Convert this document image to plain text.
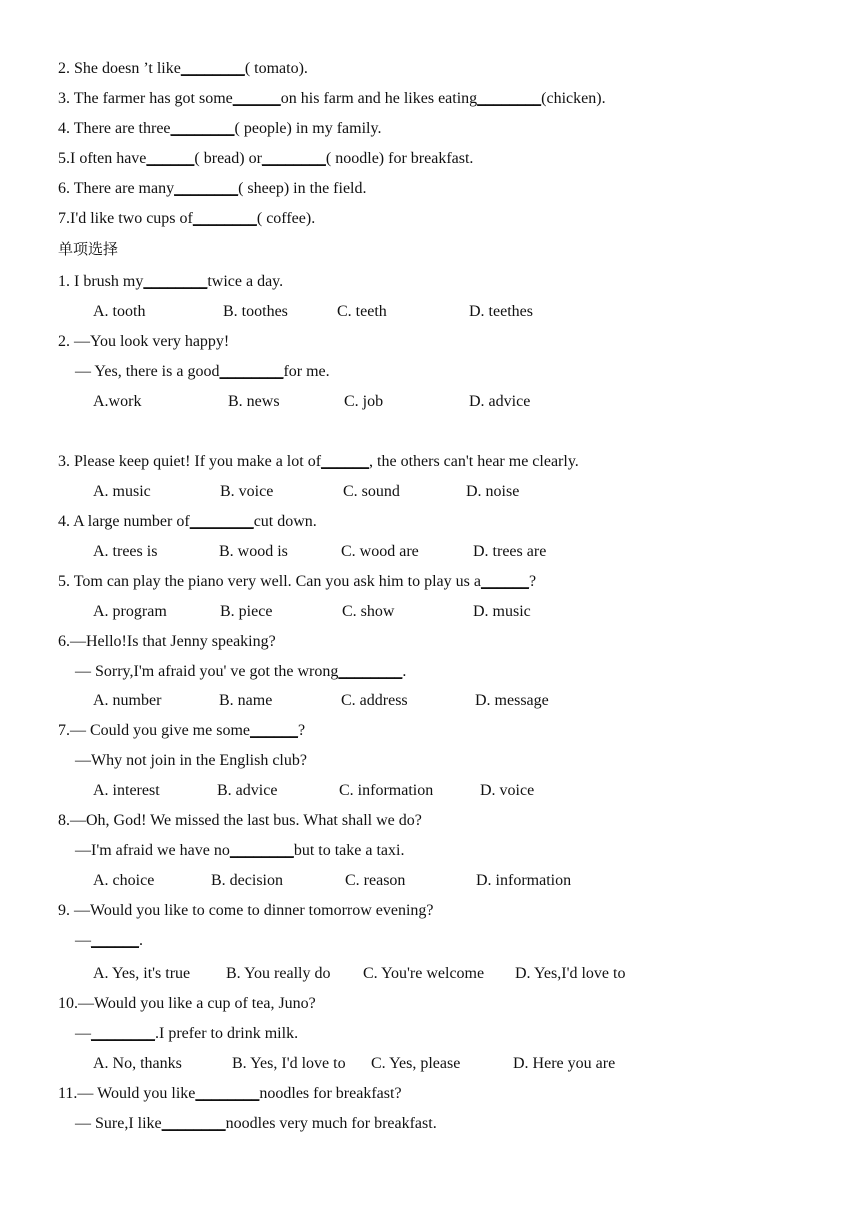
2. She doesn ’t like________( tomato).
3. The farmer has got some______on his farm and he likes eating________(chicken).
4. There are three________( people) in my family.
5.I often have______( bread) or________( noodle) for breakfast.
6. There are many________( sheep) in the field.
7.I'd like two cups of________( coffee).
单项选择
1. I brush my________twice a day.
A. tooth	B. toothes	C. teeth	D. teethes
2. —You look very happy!
— Yes, there is a good________for me.
A.work	B. news	C. job	D. advice
3. Please keep quiet! If you make a lot of______, the others can't hear me clearly.
A. music	B. voice	C. sound	D. noise
4. A large number of________cut down.
A. trees is	B. wood is	C. wood are	D. trees are
5. Tom can play the piano very well. Can you ask him to play us a______?
A. program	B. piece	C. show	D. music
6.—Hello!Is that Jenny speaking?
— Sorry,I'm afraid you' ve got the wrong________.
A. number	B. name	C. address	D. message
7.— Could you give me some______?
—Why not join in the English club?
A. interest	B. advice	C. information	D. voice
8.—Oh, God! We missed the last bus. What shall we do?
—I'm afraid we have no________but to take a taxi.
A. choice	B. decision	C. reason	D. information
9. —Would you like to come to dinner tomorrow evening?
—______.
A. Yes, it's true B. You really do C. You're welcome D. Yes,I'd love to
10.—Would you like a cup of tea, Juno?
—________.I prefer to drink milk.
A. No, thanks	B. Yes, I'd love to C. Yes, please	D. Here you are
11.— Would you like________noodles for breakfast?
— Sure,I like________noodles very much for breakfast.
